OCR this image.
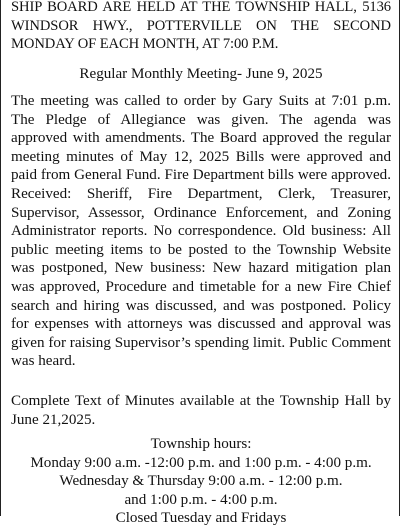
SHIP BOARD ARE HELD AT THE TOWNSHIP HALL, 5136 WINDSOR HWY., POTTERVILLE ON THE SECOND MONDAY OF EACH MONTH, AT 7:00 P.M.

Regular Monthly Meeting- June 9, 2025

The meeting was called to order by Gary Suits at 7:01 p.m. The Pledge of Allegiance was given. The agenda was approved with amendments. The Board approved the regular meeting minutes of May 12, 2025 Bills were approved and paid from General Fund. Fire Department bills were approved. Received: Sheriff, Fire Department, Clerk, Treasurer, Supervisor, Assessor, Ordinance Enforcement, and Zoning Administrator reports. No correspondence. Old business: All public meeting items to be posted to the Township Website was postponed, New business: New hazard mitigation plan was approved, Procedure and timetable for a new Fire Chief search and hiring was discussed, and was postponed. Policy for expenses with attorneys was discussed and approval was given for raising Supervisor’s spending limit. Public Comment was heard.

Complete Text of Minutes available at the Township Hall by June 21,2025.

Township hours:
Monday 9:00 a.m. -12:00 p.m. and 1:00 p.m. - 4:00 p.m.
Wednesday & Thursday 9:00 a.m. - 12:00 p.m.
and 1:00 p.m. - 4:00 p.m.
Closed Tuesday and Fridays
